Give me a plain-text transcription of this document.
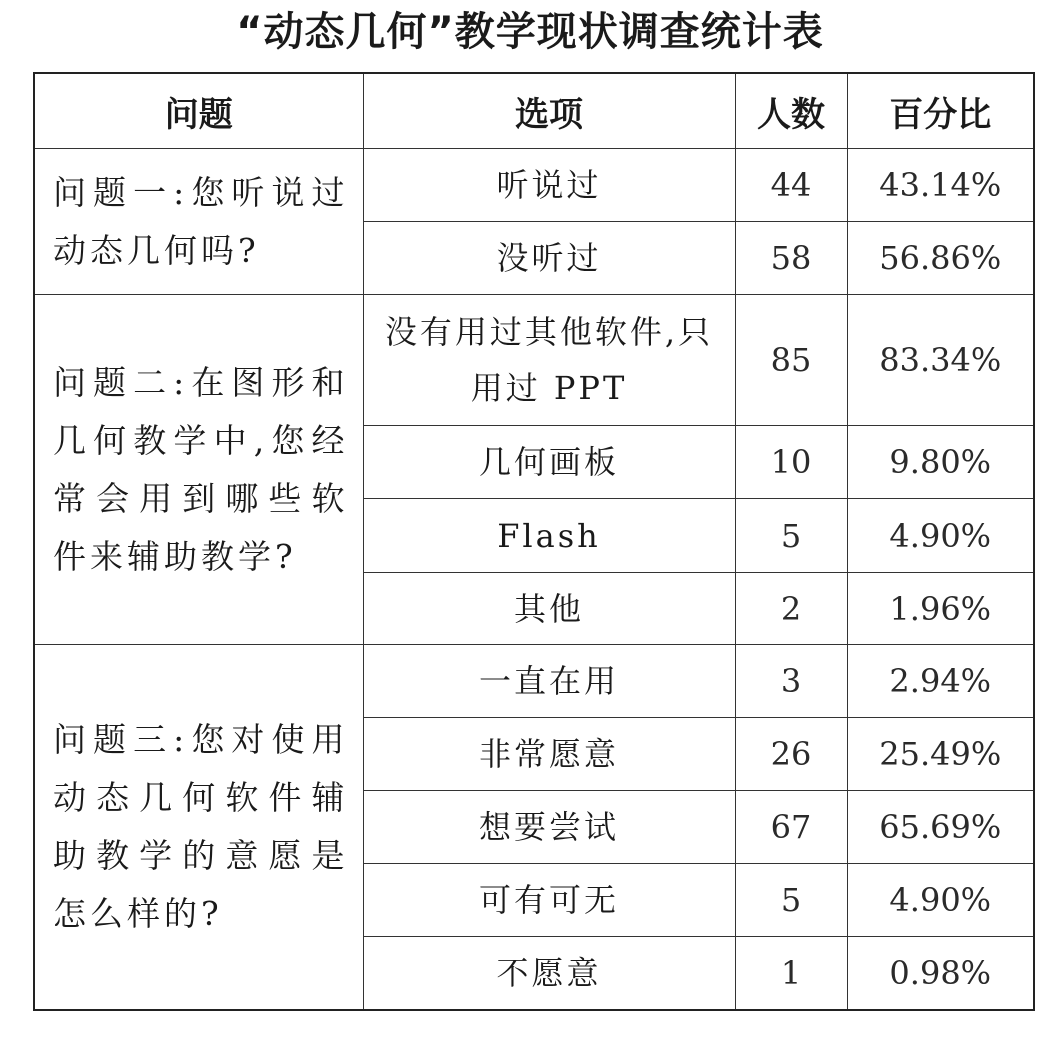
“动态几何”教学现状调查统计表
问题	选项	人数	百分比
问题一:您听说过动态几何吗?	听说过	44	43.14%
	没听过	58	56.86%
问题二:在图形和几何教学中,您经常会用到哪些软件来辅助教学?	没有用过其他软件,只用过 PPT	85	83.34%
	几何画板	10	9.80%
	Flash	5	4.90%
	其他	2	1.96%
问题三:您对使用动态几何软件辅助教学的意愿是怎么样的?	一直在用	3	2.94%
	非常愿意	26	25.49%
	想要尝试	67	65.69%
	可有可无	5	4.90%
	不愿意	1	0.98%
